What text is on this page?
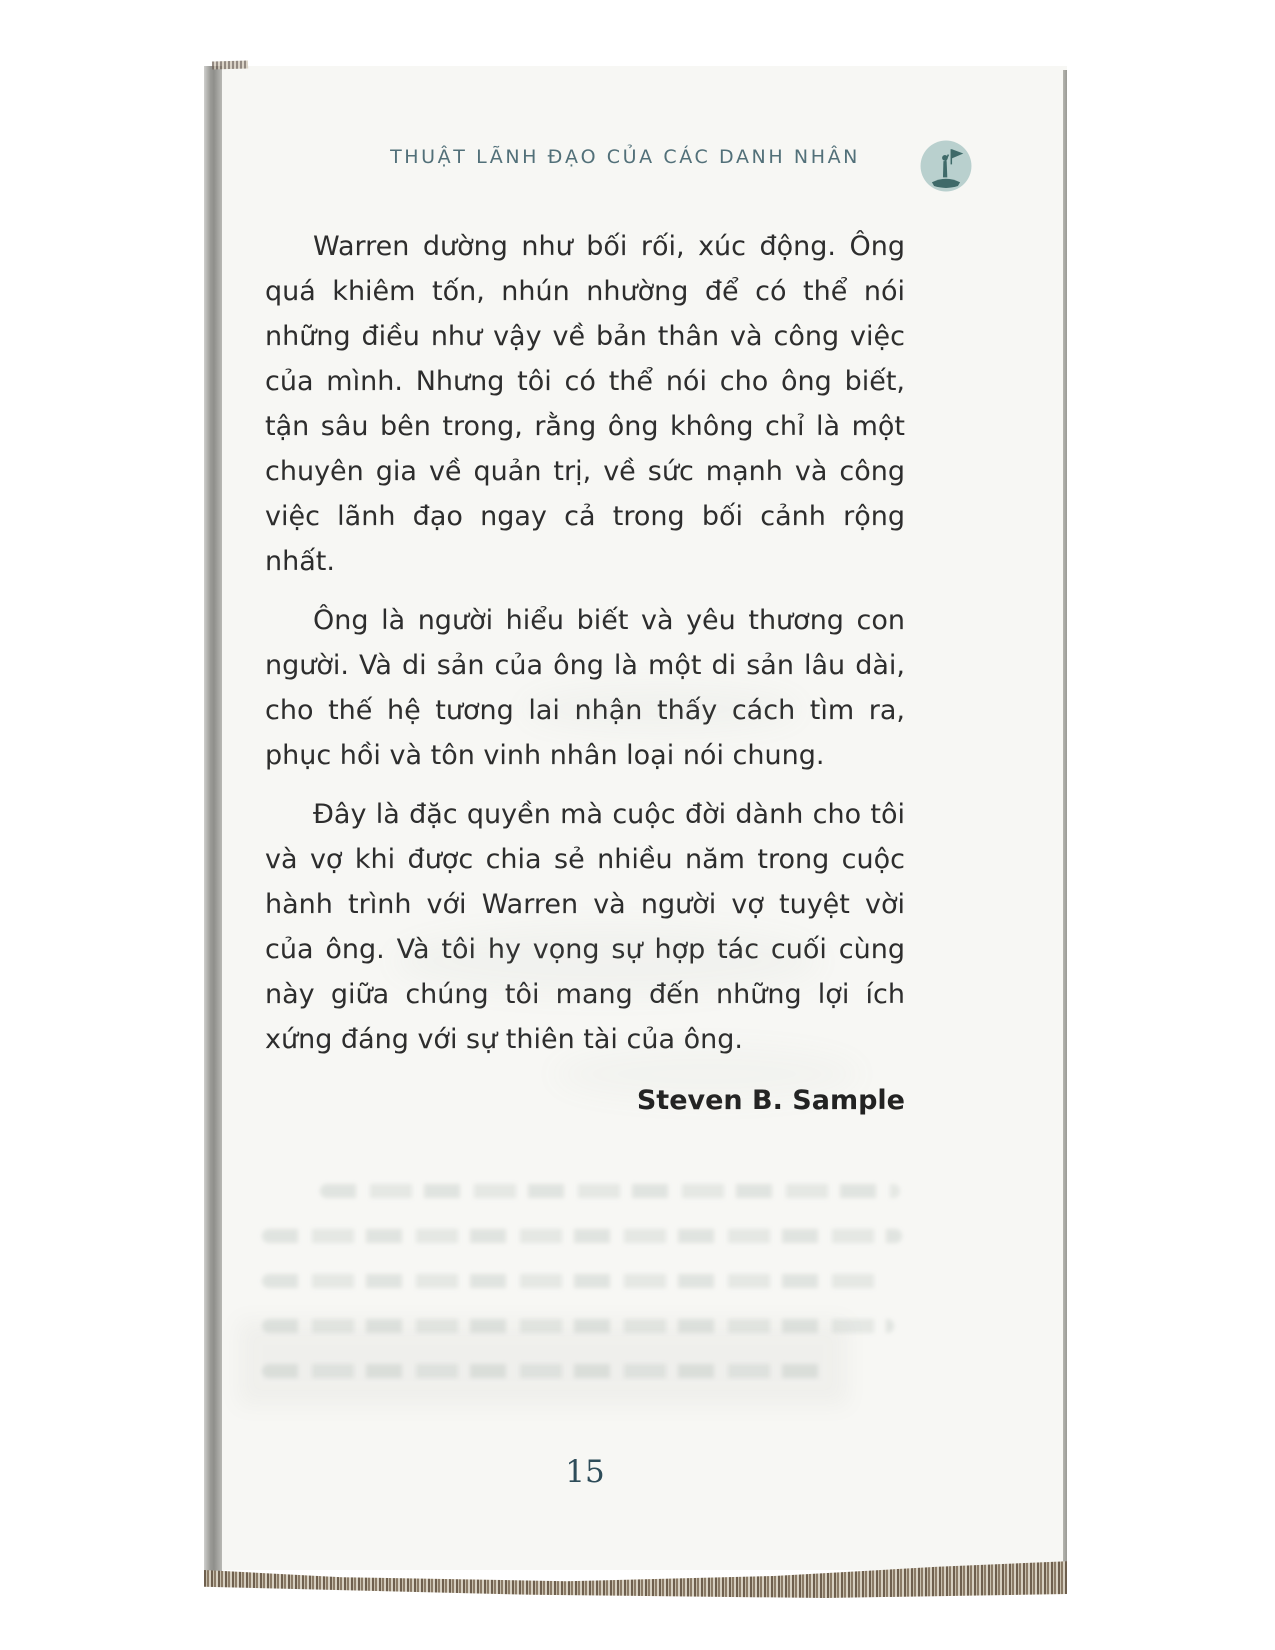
THUẬT LÃNH ĐẠO CỦA CÁC DANH NHÂN

Warren dường như bối rối, xúc động. Ông quá khiêm tốn, nhún nhường để có thể nói những điều như vậy về bản thân và công việc của mình. Nhưng tôi có thể nói cho ông biết, tận sâu bên trong, rằng ông không chỉ là một chuyên gia về quản trị, về sức mạnh và công việc lãnh đạo ngay cả trong bối cảnh rộng nhất.

Ông là người hiểu biết và yêu thương con người. Và di sản của ông là một di sản lâu dài, cho thế hệ tương lai nhận thấy cách tìm ra, phục hồi và tôn vinh nhân loại nói chung.

Đây là đặc quyền mà cuộc đời dành cho tôi và vợ khi được chia sẻ nhiều năm trong cuộc hành trình với Warren và người vợ tuyệt vời của ông. Và tôi hy vọng sự hợp tác cuối cùng này giữa chúng tôi mang đến những lợi ích xứng đáng với sự thiên tài của ông.

Steven B. Sample
15
